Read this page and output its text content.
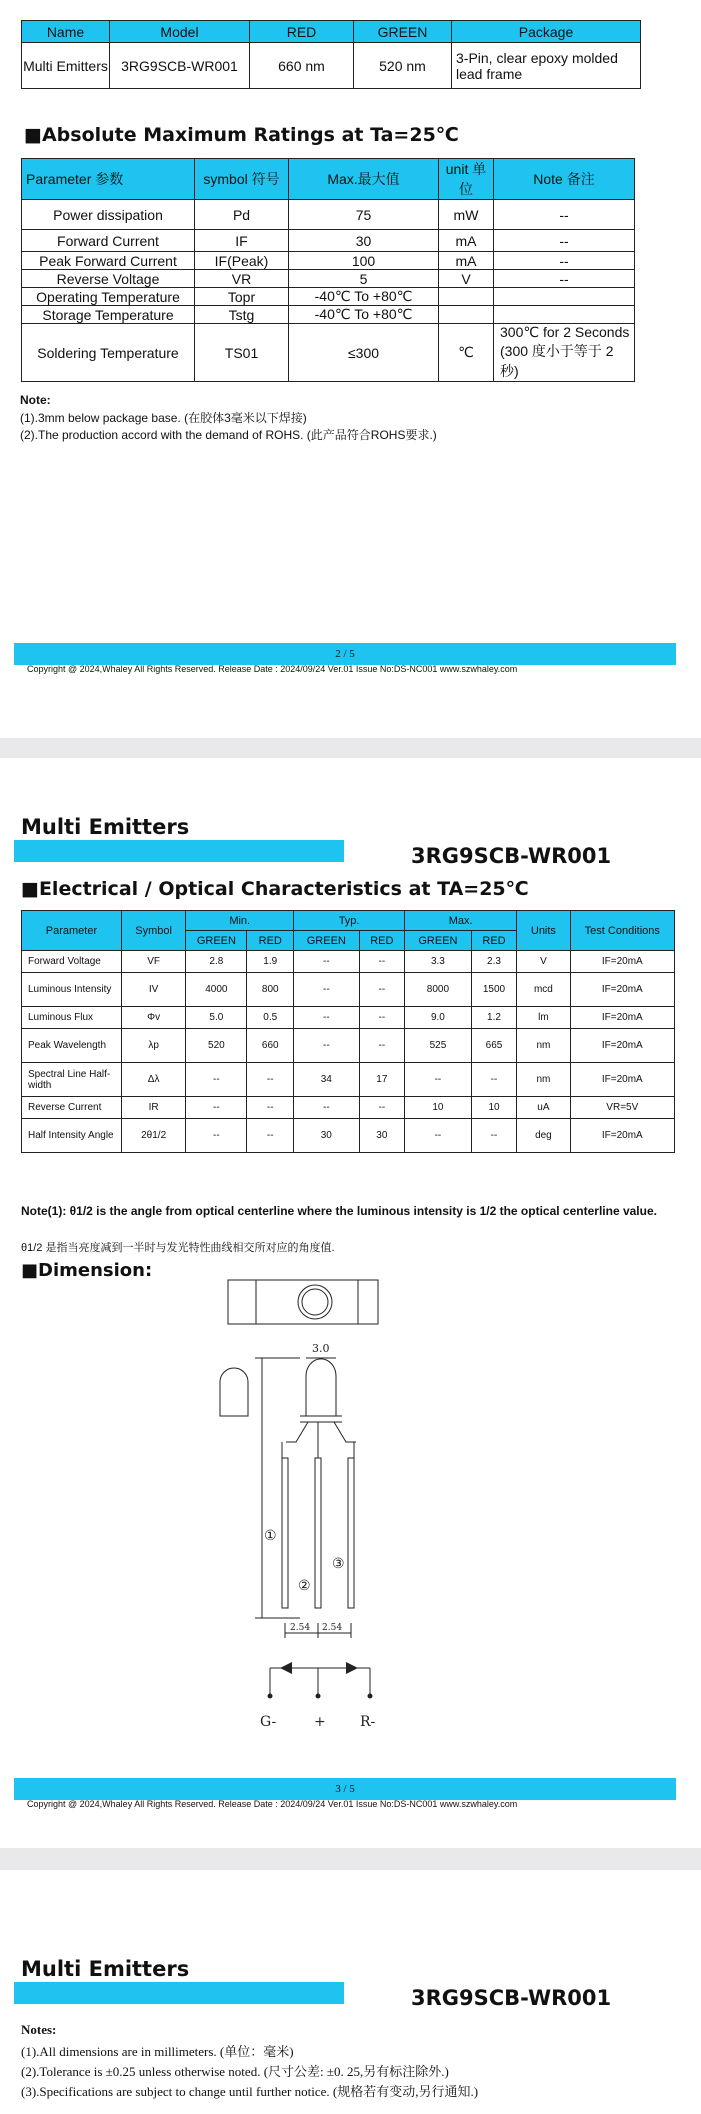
Name	Model	RED	GREEN	Package
Multi Emitters	3RG9SCB-WR001	660 nm	520 nm	3-Pin, clear epoxy molded lead frame
■Absolute Maximum Ratings at Ta=25℃
Parameter 参数	symbol 符号	Max.最大值	unit 单位	Note 备注
Power dissipation	Pd	75	mW	--
Forward Current	IF	30	mA	--
Peak Forward Current	IF(Peak)	100	mA	--
Reverse Voltage	VR	5	V	--
Operating Temperature	Topr	-40℃ To +80℃		
Storage Temperature	Tstg	-40℃ To +80℃		
Soldering Temperature	TS01	≤300	℃	300℃ for 2 Seconds (300 度小于等于 2 秒)
Note:
(1).3mm below package base. (在胶体3毫米以下焊接)
(2).The production accord with the demand of ROHS. (此产品符合ROHS要求.)
2 / 5
Copyright @ 2024,Whaley All Rights Reserved. Release Date : 2024/09/24 Ver.01 Issue No:DS-NC001 www.szwhaley.com
Multi Emitters
3RG9SCB-WR001
■Electrical / Optical Characteristics at TA=25℃
Parameter	Symbol	Min.		Typ.		Max.		Units	Test Conditions
		GREEN	RED	GREEN	RED	GREEN	RED		
Forward Voltage	VF	2.8	1.9	--	--	3.3	2.3	V	IF=20mA
Luminous Intensity	IV	4000	800	--	--	8000	1500	mcd	IF=20mA
Luminous Flux	Φv	5.0	0.5	--	--	9.0	1.2	lm	IF=20mA
Peak Wavelength	λp	520	660	--	--	525	665	nm	IF=20mA
Spectral Line Half-width	Δλ	--	--	34	17	--	--	nm	IF=20mA
Reverse Current	IR	--	--	--	--	10	10	uA	VR=5V
Half Intensity Angle	2θ1/2	--	--	30	30	--	--	deg	IF=20mA
Note(1): θ1/2 is the angle from optical centerline where the luminous intensity is 1/2 the optical centerline value.
θ1/2 是指当亮度减到一半时与发光特性曲线相交所对应的角度值.
■Dimension:
3.0
2.54 2.54
①
②
③
G-	+ R-
3 / 5
Copyright @ 2024,Whaley All Rights Reserved. Release Date : 2024/09/24 Ver.01 Issue No:DS-NC001 www.szwhaley.com
Multi Emitters
3RG9SCB-WR001
Notes:
(1).All dimensions are in millimeters. (单位：毫米)
(2).Tolerance is ±0.25 unless otherwise noted. (尺寸公差: ±0. 25,另有标注除外.)
(3).Specifications are subject to change until further notice. (规格若有变动,另行通知.)
